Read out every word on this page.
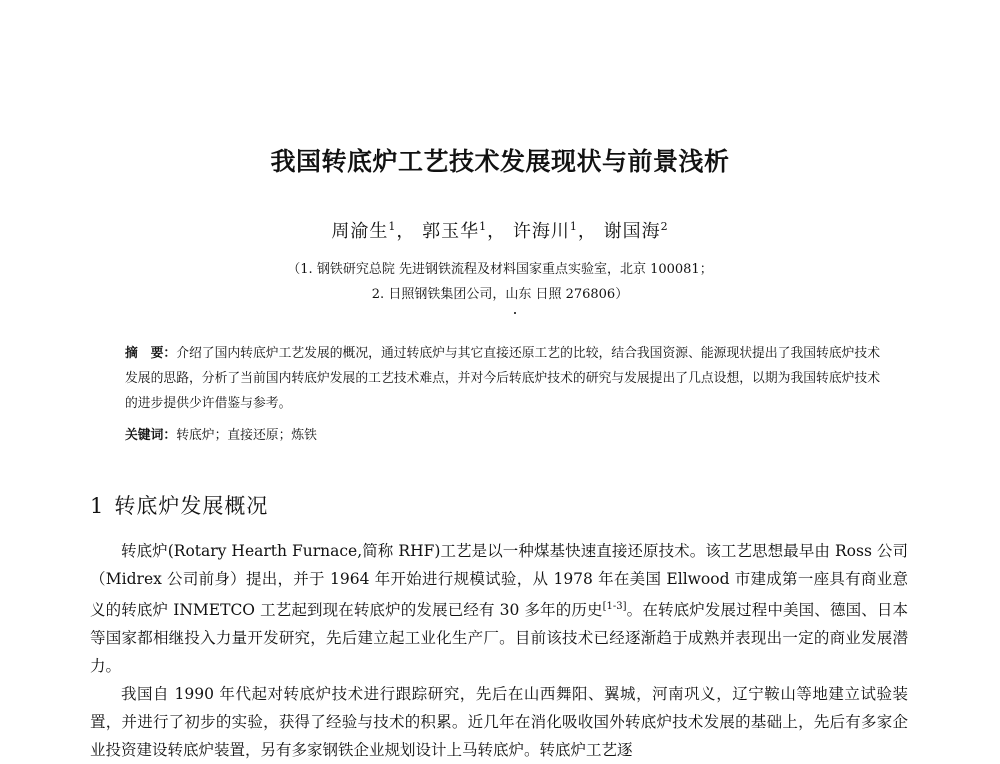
我国转底炉工艺技术发展现状与前景浅析
周渝生$^1$， 郭玉华$^1$， 许海川$^1$， 谢国海$^2$
（1. 钢铁研究总院 先进钢铁流程及材料国家重点实验室，北京 100081；
2. 日照钢铁集团公司，山东 日照 276806）
摘　要：介绍了国内转底炉工艺发展的概况，通过转底炉与其它直接还原工艺的比较，结合我国资源、能源现状提出了我国转底炉技术发展的思路，分析了当前国内转底炉发展的工艺技术难点，并对今后转底炉技术的研究与发展提出了几点设想，以期为我国转底炉技术的进步提供少许借鉴与参考。
关键词：转底炉；直接还原；炼铁
1 转底炉发展概况

转底炉(Rotary Hearth Furnace,简称 RHF)工艺是以一种煤基快速直接还原技术。该工艺思想最早由 Ross 公司（Midrex 公司前身）提出，并于 1964 年开始进行规模试验，从 1978 年在美国 Ellwood 市建成第一座具有商业意义的转底炉 INMETCO 工艺起到现在转底炉的发展已经有 30 多年的历史[1-3]。在转底炉发展过程中美国、德国、日本等国家都相继投入力量开发研究，先后建立起工业化生产厂。目前该技术已经逐渐趋于成熟并表现出一定的商业发展潜力。

我国自 1990 年代起对转底炉技术进行跟踪研究，先后在山西舞阳、翼城，河南巩义，辽宁鞍山等地建立试验装置，并进行了初步的实验，获得了经验与技术的积累。近几年在消化吸收国外转底炉技术发展的基础上，先后有多家企业投资建设转底炉装置，另有多家钢铁企业规划设计上马转底炉。转底炉工艺逐
